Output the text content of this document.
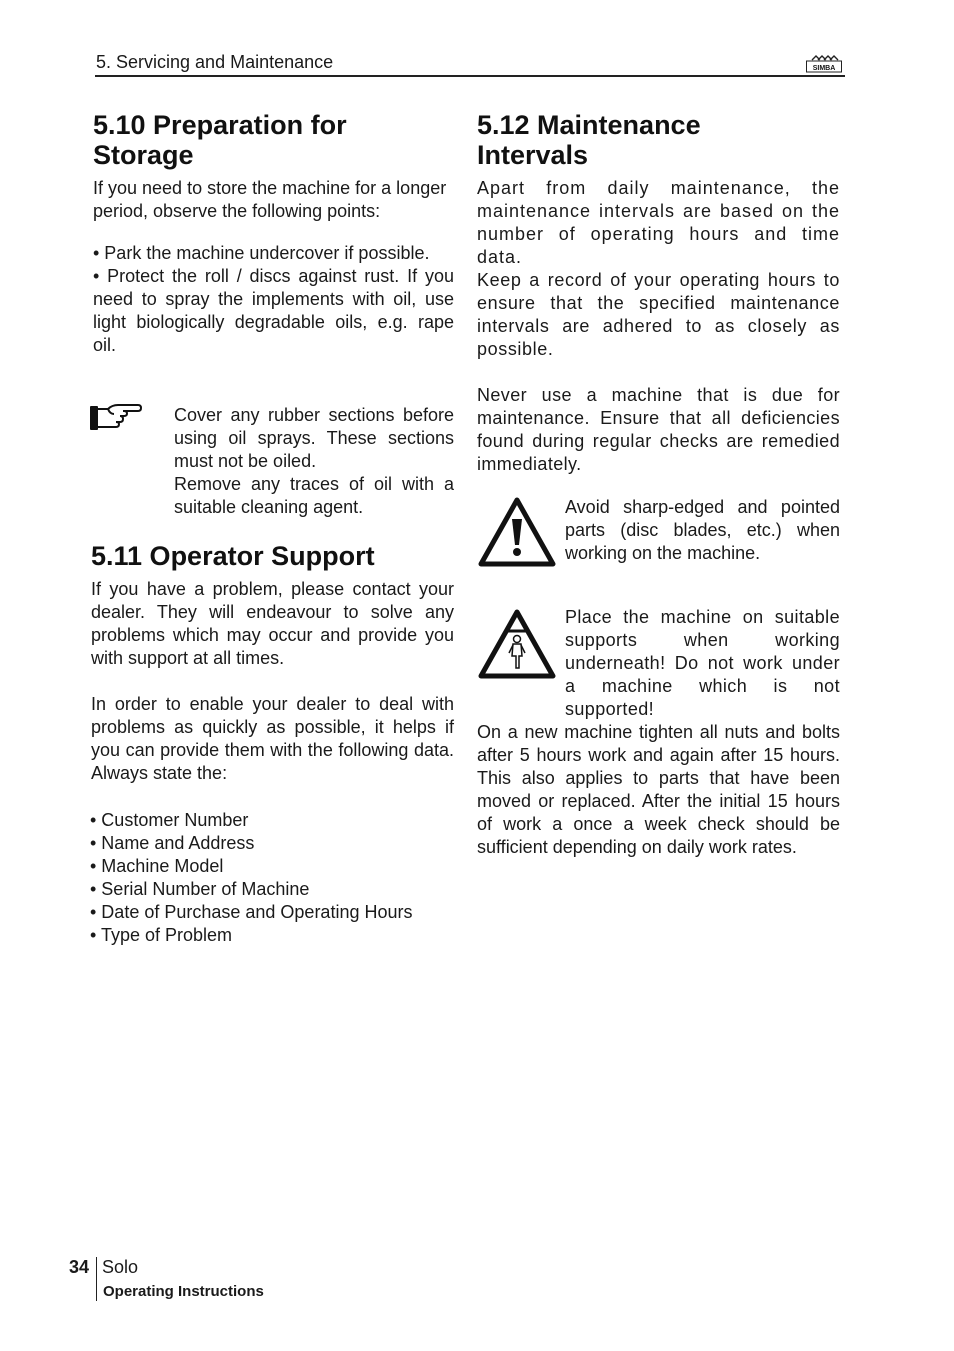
5. Servicing and Maintenance	SIMBA
5.10 Preparation for
Storage

If you need to store the machine for a longer period, observe the following points:

• Park the machine undercover if possible.

• Protect the roll / discs against rust. If you need to spray the implements with oil, use light biologically degradable oils, e.g. rape oil.

Cover any rubber sections before using oil sprays. These sections must not be oiled.

Remove any traces of oil with a suitable cleaning agent.

5.11 Operator Support

If you have a problem, please contact your dealer. They will endeavour to solve any problems which may occur and provide you with support at all times.

In order to enable your dealer to deal with problems as quickly as possible, it helps if you can provide them with the following data. Always state the:

• Customer Number
• Name and Address
• Machine Model
• Serial Number of Machine
• Date of Purchase and Operating Hours
• Type of Problem
5.12 Maintenance
Intervals

Apart from daily maintenance, the maintenance intervals are based on the number of operating hours and time data.

Keep a record of your operating hours to ensure that the specified maintenance intervals are adhered to as closely as possible.

Never use a machine that is due for maintenance. Ensure that all deficiencies found during regular checks are remedied immediately.

Avoid sharp-edged and pointed parts (disc blades, etc.) when working on the machine.

Place the machine on suitable supports when working underneath! Do not work under a machine which is not supported!

On a new machine tighten all nuts and bolts after 5 hours work and again after 15 hours. This also applies to parts that have been moved or replaced. After the initial 15 hours of work a once a week check should be sufficient depending on daily work rates.

34 Solo
Operating Instructions
